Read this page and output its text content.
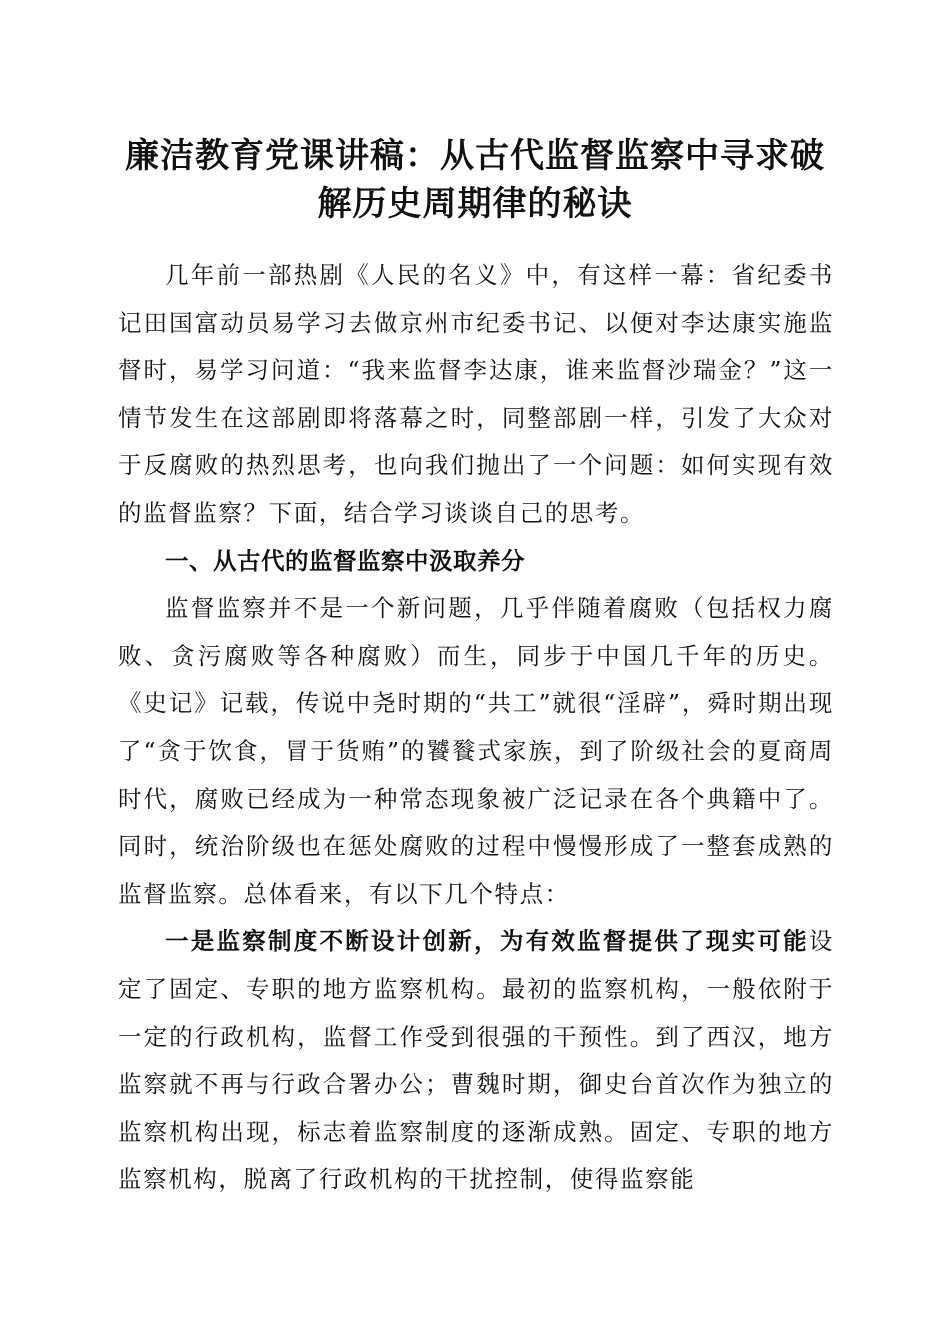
廉洁教育党课讲稿：从古代监督监察中寻求破
解历史周期律的秘诀

几年前一部热剧《人民的名义》中，有这样一幕：省纪委书记田国富动员易学习去做京州市纪委书记、以便对李达康实施监督时，易学习问道：“我来监督李达康，谁来监督沙瑞金？”这一情节发生在这部剧即将落幕之时，同整部剧一样，引发了大众对于反腐败的热烈思考，也向我们抛出了一个问题：如何实现有效的监督监察？下面，结合学习谈谈自己的思考。

一、从古代的监督监察中汲取养分

监督监察并不是一个新问题，几乎伴随着腐败（包括权力腐败、贪污腐败等各种腐败）而生，同步于中国几千年的历史。《史记》记载，传说中尧时期的“共工”就很“淫辟”，舜时期出现了“贪于饮食，冒于货贿”的饕餮式家族，到了阶级社会的夏商周时代，腐败已经成为一种常态现象被广泛记录在各个典籍中了。同时，统治阶级也在惩处腐败的过程中慢慢形成了一整套成熟的监督监察。总体看来，有以下几个特点：

一是监察制度不断设计创新，为有效监督提供了现实可能设定了固定、专职的地方监察机构。最初的监察机构，一般依附于一定的行政机构，监督工作受到很强的干预性。到了西汉，地方监察就不再与行政合署办公；曹魏时期，御史台首次作为独立的监察机构出现，标志着监察制度的逐渐成熟。固定、专职的地方监察机构，脱离了行政机构的干扰控制，使得监察能
